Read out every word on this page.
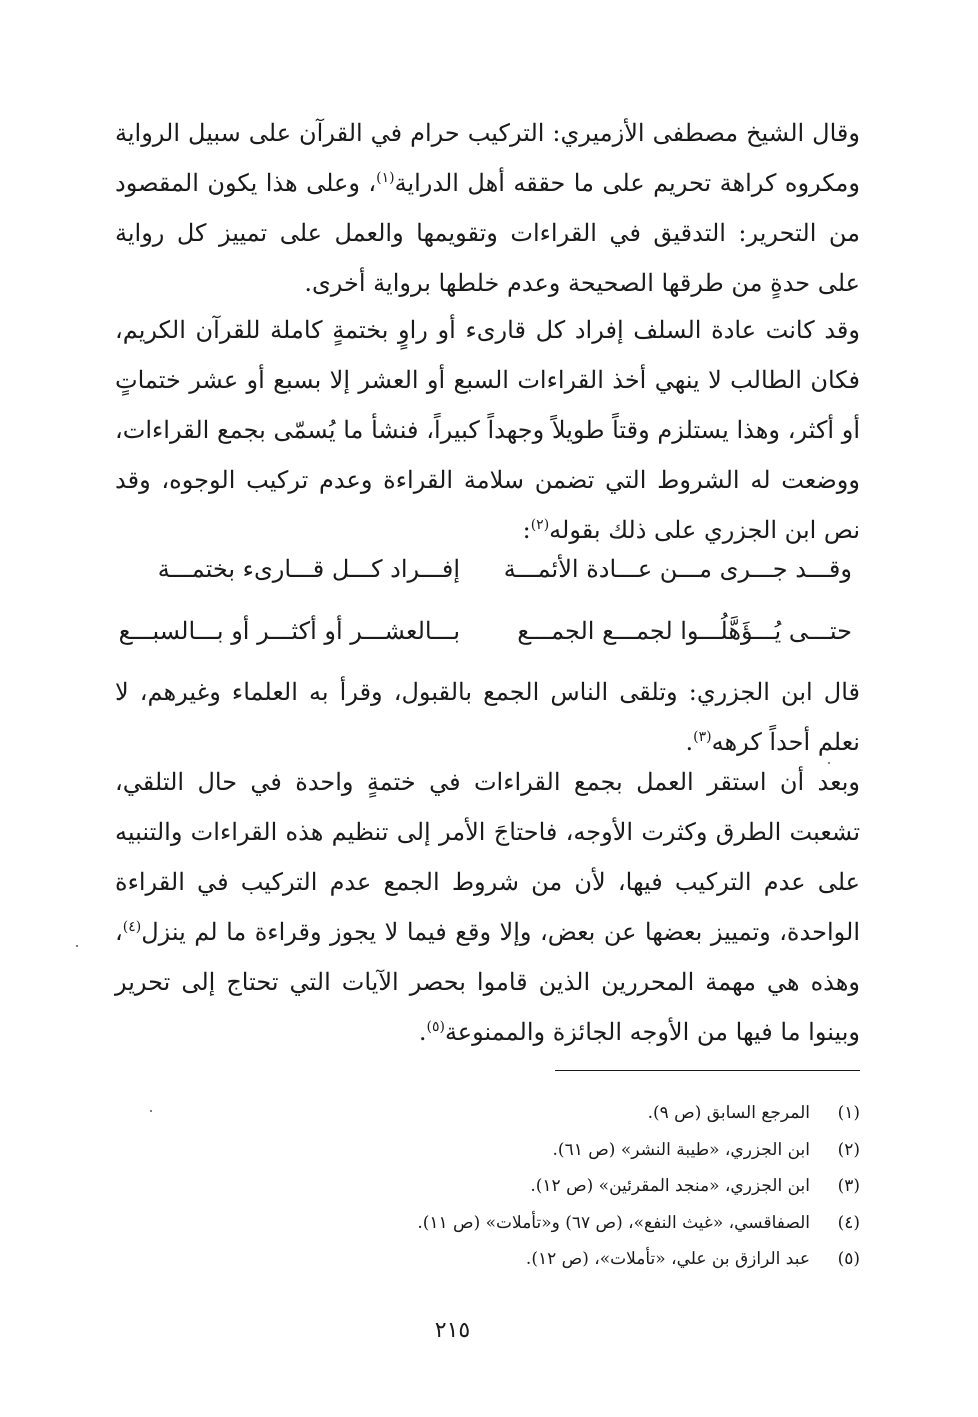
وقال الشيخ مصطفى الأزميري: التركيب حرام في القرآن على سبيل الرواية ومكروه كراهة تحريم على ما حققه أهل الدراية$^{(١)}$، وعلى هذا يكون المقصود من التحرير: التدقيق في القراءات وتقويمها والعمل على تمييز كل رواية على حدةٍ من طرقها الصحيحة وعدم خلطها برواية أخرى.

وقد كانت عادة السلف إفراد كل قارىء أو راوٍ بختمةٍ كاملة للقرآن الكريم، فكان الطالب لا ينهي أخذ القراءات السبع أو العشر إلا بسبع أو عشر ختماتٍ أو أكثر، وهذا يستلزم وقتاً طويلاً وجهداً كبيراً، فنشأ ما يُسمّى بجمع القراءات، ووضعت له الشروط التي تضمن سلامة القراءة وعدم تركيب الوجوه، وقد نص ابن الجزري على ذلك بقوله$^{(٢)}$:

وقـــد جـــرى مـــن عـــادة الأئمـــة
إفـــراد كـــل قـــارىء بختمـــة
حتـــى يُـــؤَهَّلُـــوا لجمـــع الجمـــع
بـــالعشـــر أو أكثـــر أو بـــالسبـــع

قال ابن الجزري: وتلقى الناس الجمع بالقبول، وقرأ به العلماء وغيرهم، لا نعلم أحداً كرهه$^{(٣)}$.

وبعد أن استقر العمل بجمع القراءات في ختمةٍ واحدة في حال التلقي، تشعبت الطرق وكثرت الأوجه، فاحتاجَ الأمر إلى تنظيم هذه القراءات والتنبيه على عدم التركيب فيها، لأن من شروط الجمع عدم التركيب في القراءة الواحدة، وتمييز بعضها عن بعض، وإلا وقع فيما لا يجوز وقراءة ما لم ينزل$^{(٤)}$، وهذه هي مهمة المحررين الذين قاموا بحصر الآيات التي تحتاج إلى تحرير وبينوا ما فيها من الأوجه الجائزة والممنوعة$^{(٥)}$.

(١)
المرجع السابق (ص ٩).
(٢)
ابن الجزري، «طيبة النشر» (ص ٦١).
(٣)
ابن الجزري، «منجد المقرئين» (ص ١٢).
(٤)
الصفاقسي، «غيث النفع»، (ص ٦٧) و«تأملات» (ص ١١).
(٥)
عبد الرازق بن علي، «تأملات»، (ص ١٢).
٢١٥
